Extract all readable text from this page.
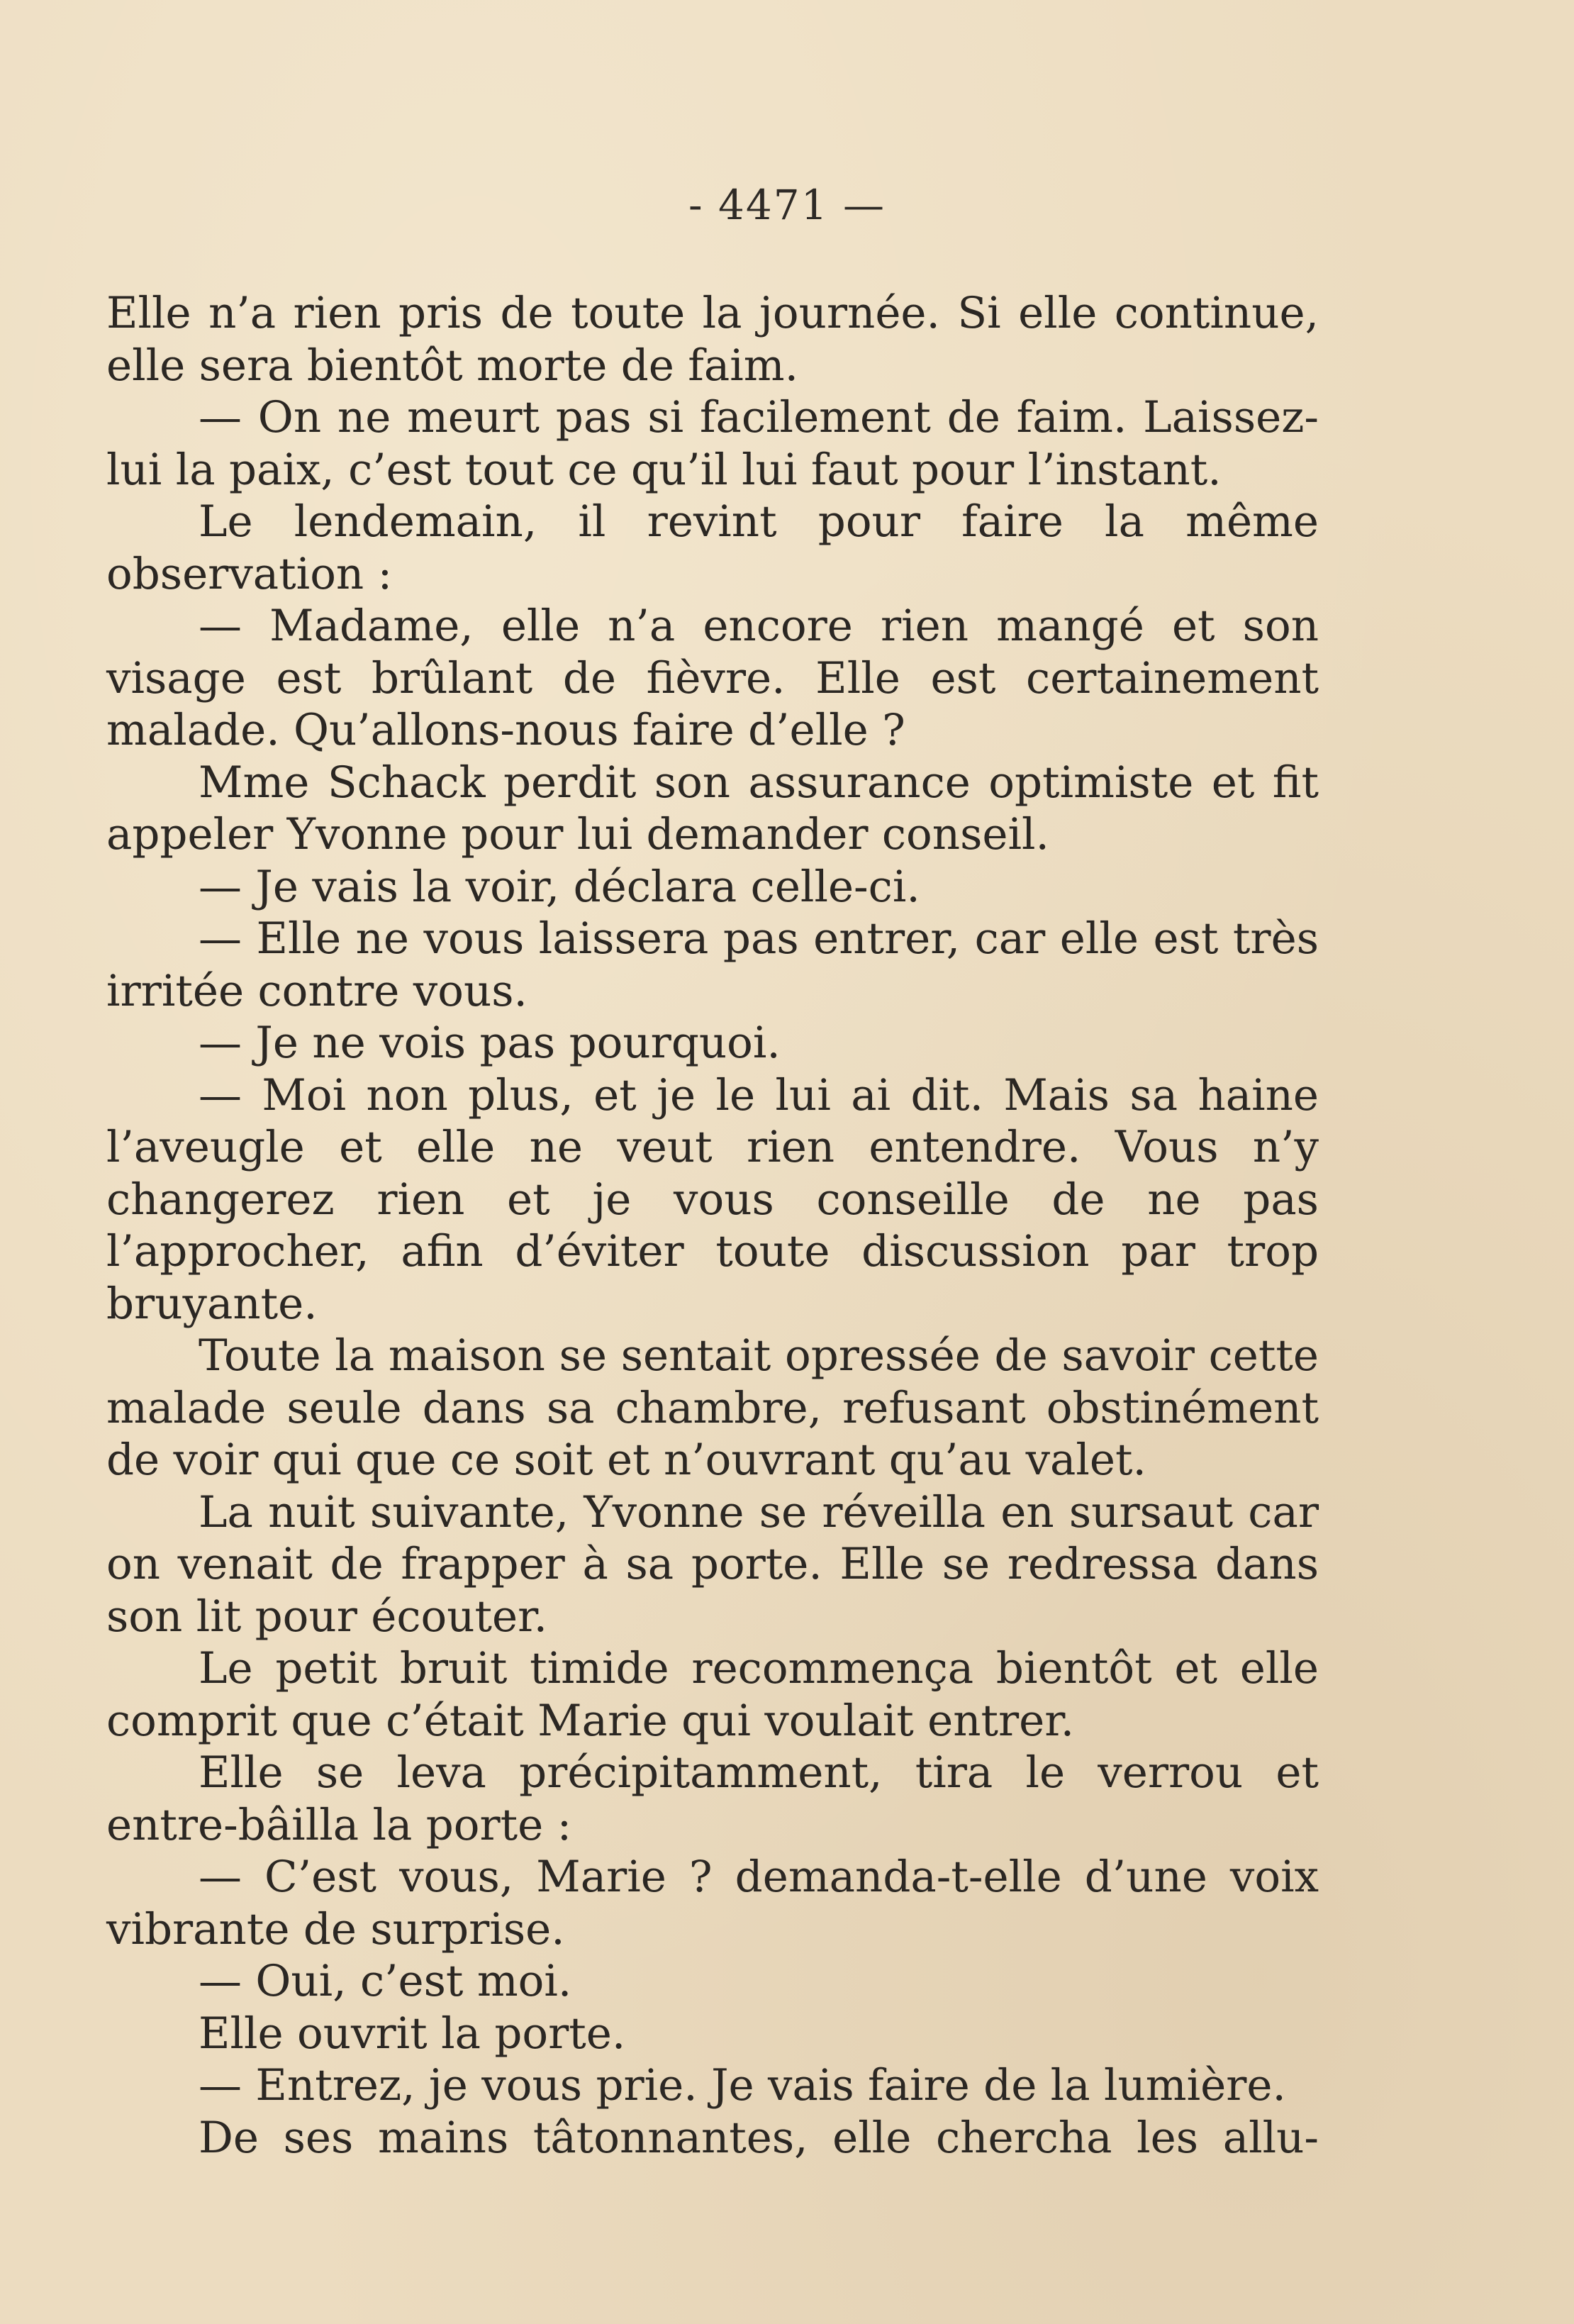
- 4471 —

Elle n’a rien pris de toute la journée. Si elle continue, elle sera bientôt morte de faim.

— On ne meurt pas si facilement de faim. Laissez-lui la paix, c’est tout ce qu’il lui faut pour l’instant.

Le lendemain, il revint pour faire la même observation :

— Madame, elle n’a encore rien mangé et son visage est brûlant de fièvre. Elle est certainement malade. Qu’allons-nous faire d’elle ?

Mme Schack perdit son assurance optimiste et fit appeler Yvonne pour lui demander conseil.

— Je vais la voir, déclara celle-ci.

— Elle ne vous laissera pas entrer, car elle est très irritée contre vous.

— Je ne vois pas pourquoi.

— Moi non plus, et je le lui ai dit. Mais sa haine l’aveugle et elle ne veut rien entendre. Vous n’y changerez rien et je vous conseille de ne pas l’approcher, afin d’éviter toute discussion par trop bruyante.

Toute la maison se sentait opressée de savoir cette malade seule dans sa chambre, refusant obstinément de voir qui que ce soit et n’ouvrant qu’au valet.

La nuit suivante, Yvonne se réveilla en sursaut car on venait de frapper à sa porte. Elle se redressa dans son lit pour écouter.

Le petit bruit timide recommença bientôt et elle comprit que c’était Marie qui voulait entrer.

Elle se leva précipitamment, tira le verrou et entre-bâilla la porte :

— C’est vous, Marie ? demanda-t-elle d’une voix vibrante de surprise.

— Oui, c’est moi.

Elle ouvrit la porte.

— Entrez, je vous prie. Je vais faire de la lumière.

De ses mains tâtonnantes, elle chercha les allu-
